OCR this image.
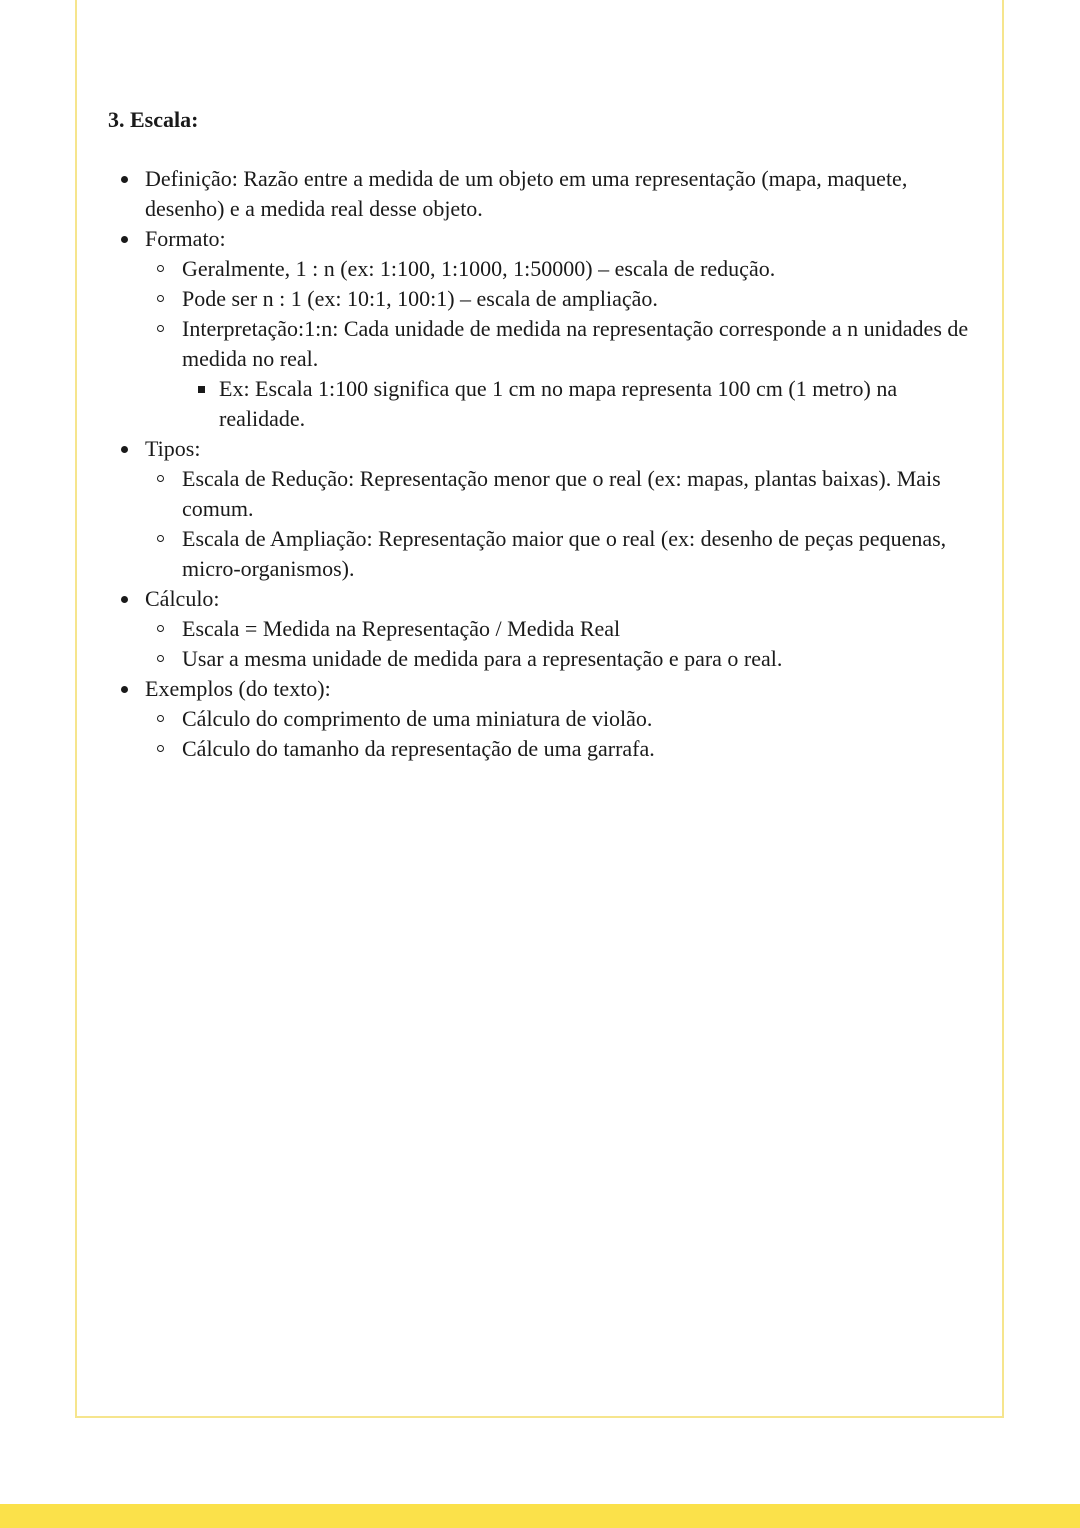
3. Escala:
Definição: Razão entre a medida de um objeto em uma representação (mapa, maquete, desenho) e a medida real desse objeto.
Formato:
Geralmente, 1 : n (ex: 1:100, 1:1000, 1:50000) – escala de redução.
Pode ser n : 1 (ex: 10:1, 100:1) – escala de ampliação.
Interpretação:1:n: Cada unidade de medida na representação corresponde a n unidades de medida no real.
Ex: Escala 1:100 significa que 1 cm no mapa representa 100 cm (1 metro) na realidade.
Tipos:
Escala de Redução: Representação menor que o real (ex: mapas, plantas baixas). Mais comum.
Escala de Ampliação: Representação maior que o real (ex: desenho de peças pequenas, micro-organismos).
Cálculo:
Escala = Medida na Representação / Medida Real
Usar a mesma unidade de medida para a representação e para o real.
Exemplos (do texto):
Cálculo do comprimento de uma miniatura de violão.
Cálculo do tamanho da representação de uma garrafa.
